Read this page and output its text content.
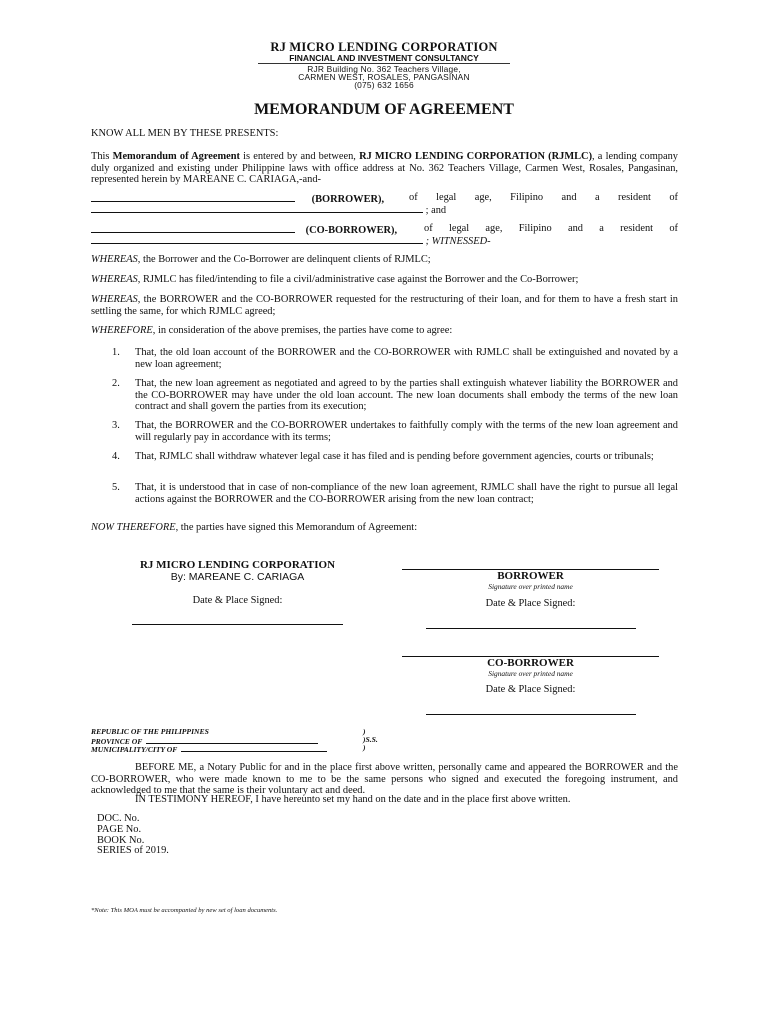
RJ MICRO LENDING CORPORATION
FINANCIAL AND INVESTMENT CONSULTANCY
RJR Building No. 362 Teachers Village,
CARMEN WEST, ROSALES, PANGASINAN
(075) 632 1656
MEMORANDUM OF AGREEMENT
KNOW ALL MEN BY THESE PRESENTS:
This Memorandum of Agreement is entered by and between, RJ MICRO LENDING CORPORATION (RJMLC), a lending company duly organized and existing under Philippine laws with office address at No. 362 Teachers Village, Carmen West, Rosales, Pangasinan, represented herein by MAREANE C. CARIAGA,-and-
(BORROWER), of legal age, Filipino and a resident of
; and
(CO-BORROWER),	of legal age, Filipino and a resident of
; WITNESSED-
WHEREAS, the Borrower and the Co-Borrower are delinquent clients of RJMLC;
WHEREAS, RJMLC has filed/intending to file a civil/administrative case against the Borrower and the Co-Borrower;
WHEREAS, the BORROWER and the CO-BORROWER requested for the restructuring of their loan, and for them to have a fresh start in settling the same, for which RJMLC agreed;
WHEREFORE, in consideration of the above premises, the parties have come to agree:
1. That, the old loan account of the BORROWER and the CO-BORROWER with RJMLC shall be extinguished and novated by a new loan agreement;
2. That, the new loan agreement as negotiated and agreed to by the parties shall extinguish whatever liability the BORROWER and the CO-BORROWER may have under the old loan account. The new loan documents shall embody the terms of the new loan contract and shall govern the parties from its execution;
3. That, the BORROWER and the CO-BORROWER undertakes to faithfully comply with the terms of the new loan agreement and will regularly pay in accordance with its terms;
4. That, RJMLC shall withdraw whatever legal case it has filed and is pending before government agencies, courts or tribunals;
5. That, it is understood that in case of non-compliance of the new loan agreement, RJMLC shall have the right to pursue all legal actions against the BORROWER and the CO-BORROWER arising from the new loan contract;
NOW THEREFORE, the parties have signed this Memorandum of Agreement:
RJ MICRO LENDING CORPORATION
By: MAREANE C. CARIAGA
Date & Place Signed:
BORROWER
Signature over printed name
Date & Place Signed:
CO-BORROWER
Signature over printed name
Date & Place Signed:
REPUBLIC OF THE PHILIPPINES	)
PROVINCE OF	)S.S.
MUNICIPALITY/CITY OF	)
BEFORE ME, a Notary Public for and in the place first above written, personally came and appeared the BORROWER and the CO-BORROWER, who were made known to me to be the same persons who signed and executed the foregoing instrument, and acknowledged to me that the same is their voluntary act and deed.
IN TESTIMONY HEREOF, I have hereunto set my hand on the date and in the place first above written.
DOC. No.
PAGE No.
BOOK No.
SERIES of 2019.
*Note: This MOA must be accompanied by new set of loan documents.
